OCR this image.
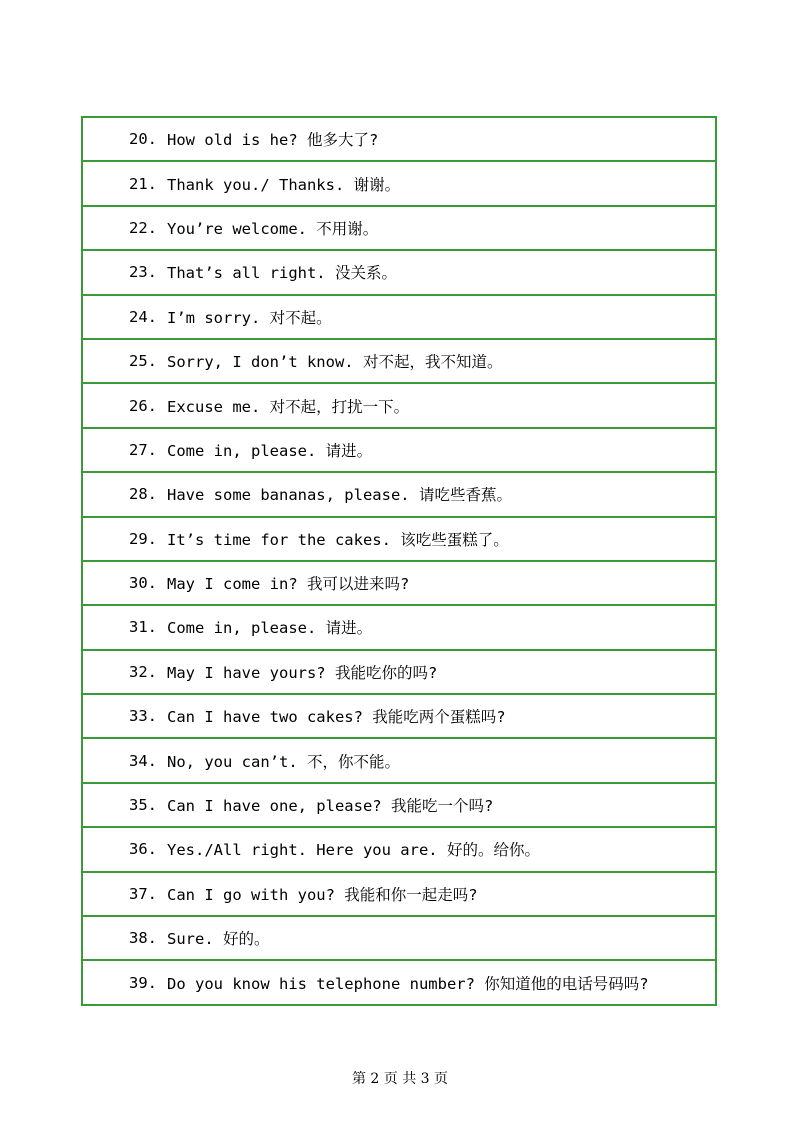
20. How old is he? 他多大了?
21. Thank you./ Thanks. 谢谢。
22. You’re welcome. 不用谢。
23. That’s all right. 没关系。
24. I’m sorry. 对不起。
25. Sorry, I don’t know. 对不起，我不知道。
26. Excuse me. 对不起，打扰一下。
27. Come in, please. 请进。
28. Have some bananas, please. 请吃些香蕉。
29. It’s time for the cakes. 该吃些蛋糕了。
30. May I come in? 我可以进来吗?
31. Come in, please. 请进。
32. May I have yours? 我能吃你的吗?
33. Can I have two cakes? 我能吃两个蛋糕吗?
34. No, you can’t. 不，你不能。
35. Can I have one, please? 我能吃一个吗?
36. Yes./All right. Here you are. 好的。给你。
37. Can I go with you? 我能和你一起走吗?
38. Sure. 好的。
39. Do you know his telephone number? 你知道他的电话号码吗?
第 2 页 共 3 页
